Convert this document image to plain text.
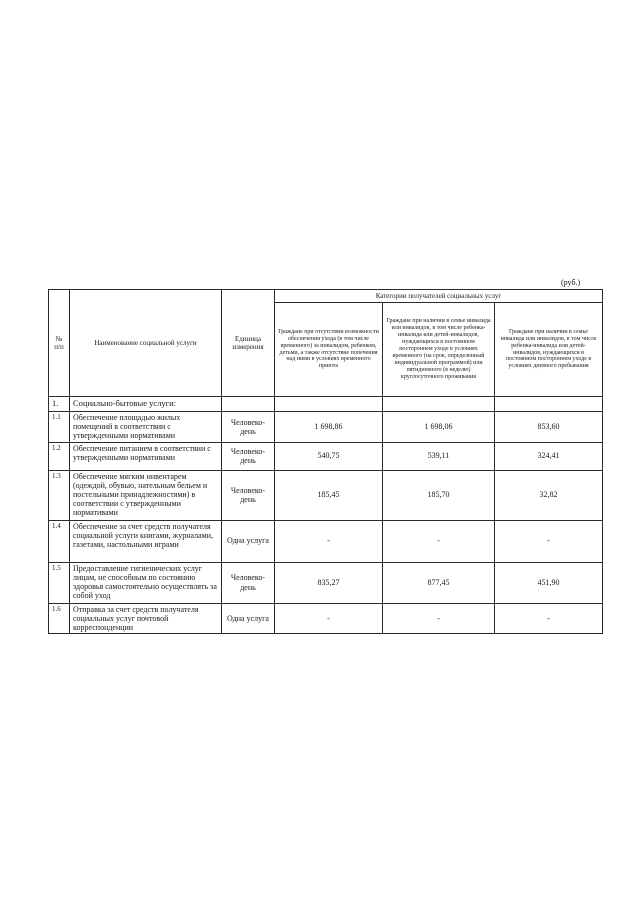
(руб.)
№ п/п	Наименование социальной услуги	Единица измерения	Категории получателей социальных услуг		
			Граждане при отсутствии возможности обеспечения ухода (в том числе временного) за инвалидом, ребенком, детьми, а также отсутствие попечения над ними в условиях временного приюта	Граждане при наличии в семье инвалида или инвалидов, в том числе ребенка-инвалида или детей-инвалидов, нуждающихся в постоянном постороннем уходе в условиях временного (на срок, определенный индивидуальной программой) или пятидневного (в неделю) круглосуточного проживания	Граждане при наличии в семье инвалида или инвалидов, в том числе ребенка-инвалида или детей-инвалидов, нуждающихся в постоянном постороннем уходе в условиях дневного пребывания
1.	Социально-бытовые услуги:				
1.1	Обеспечение площадью жилых помещений в соответствии с утвержденными нормативами	Человеко-день	1 698,86	1 698,06	853,60
1.2	Обеспечение питанием в соответствии с утвержденными нормативами	Человеко-день	540,75	539,11	324,41
1.3	Обеспечение мягким инвентарем (одеждой, обувью, нательным бельем и постельными принадлежностями) в соответствии с утвержденными нормативами	Человеко-день	185,45	185,70	32,82
1.4	Обеспечение за счет средств получателя социальной услуги книгами, журналами, газетами, настольными играми	Одна услуга	-	-	-
1.5	Предоставление гигиенических услуг лицам, не способным по состоянию здоровья самостоятельно осуществлять за собой уход	Человеко-день	835,27	877,45	451,90
1.6	Отправка за счет средств получателя социальных услуг почтовой корреспонденции	Одна услуга	-	-	-
